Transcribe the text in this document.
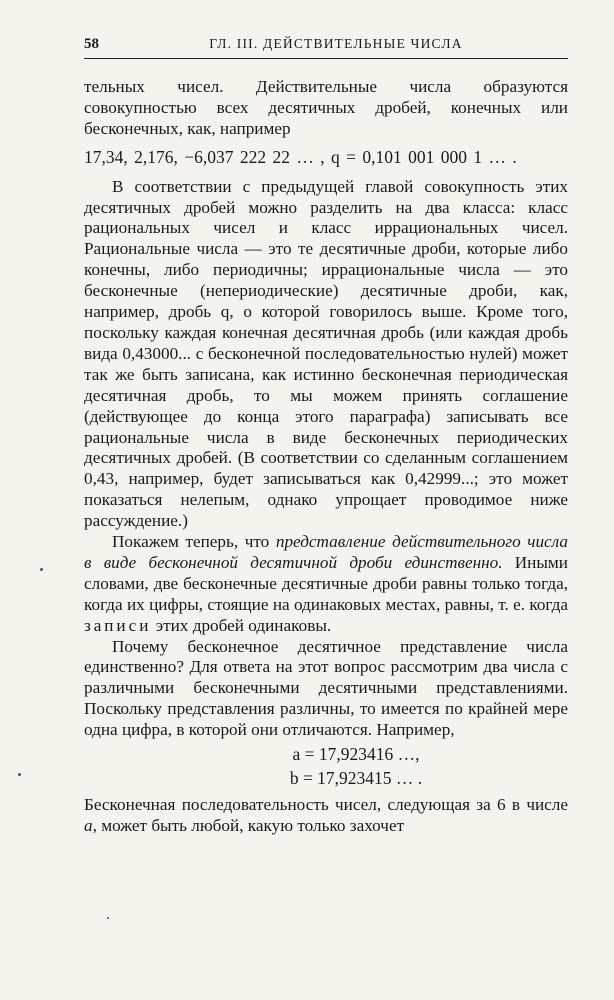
58	ГЛ. III. ДЕЙСТВИТЕЛЬНЫЕ ЧИСЛА

тельных чисел. Действительные числа образуются совокупностью всех десятичных дробей, конечных или бесконечных, как, например

17,34, 2,176, −6,037 222 22 … , q = 0,101 001 000 1 … .

В соответствии с предыдущей главой совокупность этих десятичных дробей можно разделить на два класса: класс рациональных чисел и класс иррациональных чисел. Рациональные числа — это те десятичные дроби, которые либо конечны, либо периодичны; иррациональные числа — это бесконечные (непериодические) десятичные дроби, как, например, дробь q, о которой говорилось выше. Кроме того, поскольку каждая конечная десятичная дробь (или каждая дробь вида 0,43000... с бесконечной последовательностью нулей) может так же быть записана, как истинно бесконечная периодическая десятичная дробь, то мы можем принять соглашение (действующее до конца этого параграфа) записывать все рациональные числа в виде бесконечных периодических десятичных дробей. (В соответствии со сделанным соглашением 0,43, например, будет записываться как 0,42999...; это может показаться нелепым, однако упрощает проводимое ниже рассуждение.)

Покажем теперь, что представление действительного числа в виде бесконечной десятичной дроби единственно. Иными словами, две бесконечные десятичные дроби равны только тогда, когда их цифры, стоящие на одинаковых местах, равны, т. е. когда записи этих дробей одинаковы.

Почему бесконечное десятичное представление числа единственно? Для ответа на этот вопрос рассмотрим два числа с различными бесконечными десятичными представлениями. Поскольку представления различны, то имеется по крайней мере одна цифра, в которой они отличаются. Например,

a = 17,923416 …,
b = 17,923415 … .

Бесконечная последовательность чисел, следующая за 6 в числе a, может быть любой, какую только захочет
